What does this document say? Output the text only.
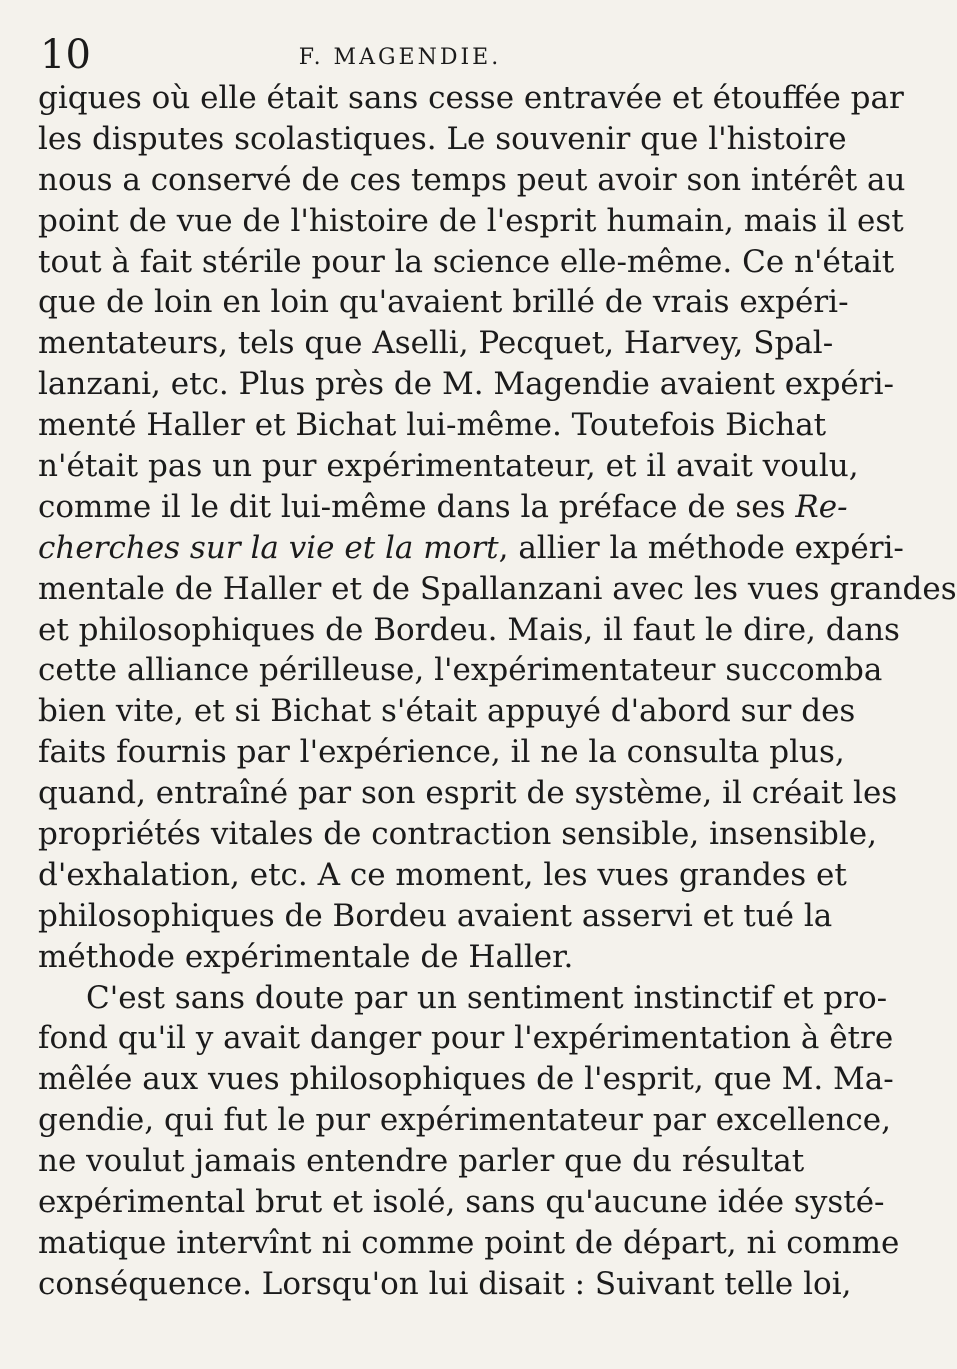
10	F. MAGENDIE.
giques où elle était sans cesse entravée et étouffée par
les disputes scolastiques. Le souvenir que l'histoire
nous a conservé de ces temps peut avoir son intérêt au
point de vue de l'histoire de l'esprit humain, mais il est
tout à fait stérile pour la science elle-même. Ce n'était
que de loin en loin qu'avaient brillé de vrais expéri-
mentateurs, tels que Aselli, Pecquet, Harvey, Spal-
lanzani, etc. Plus près de M. Magendie avaient expéri-
menté Haller et Bichat lui-même. Toutefois Bichat
n'était pas un pur expérimentateur, et il avait voulu,
comme il le dit lui-même dans la préface de ses Re-
cherches sur la vie et la mort, allier la méthode expéri-
mentale de Haller et de Spallanzani avec les vues grandes
et philosophiques de Bordeu. Mais, il faut le dire, dans
cette alliance périlleuse, l'expérimentateur succomba
bien vite, et si Bichat s'était appuyé d'abord sur des
faits fournis par l'expérience, il ne la consulta plus,
quand, entraîné par son esprit de système, il créait les
propriétés vitales de contraction sensible, insensible,
d'exhalation, etc. A ce moment, les vues grandes et
philosophiques de Bordeu avaient asservi et tué la
méthode expérimentale de Haller.
C'est sans doute par un sentiment instinctif et pro-
fond qu'il y avait danger pour l'expérimentation à être
mêlée aux vues philosophiques de l'esprit, que M. Ma-
gendie, qui fut le pur expérimentateur par excellence,
ne voulut jamais entendre parler que du résultat
expérimental brut et isolé, sans qu'aucune idée systé-
matique intervînt ni comme point de départ, ni comme
conséquence. Lorsqu'on lui disait : Suivant telle loi,
